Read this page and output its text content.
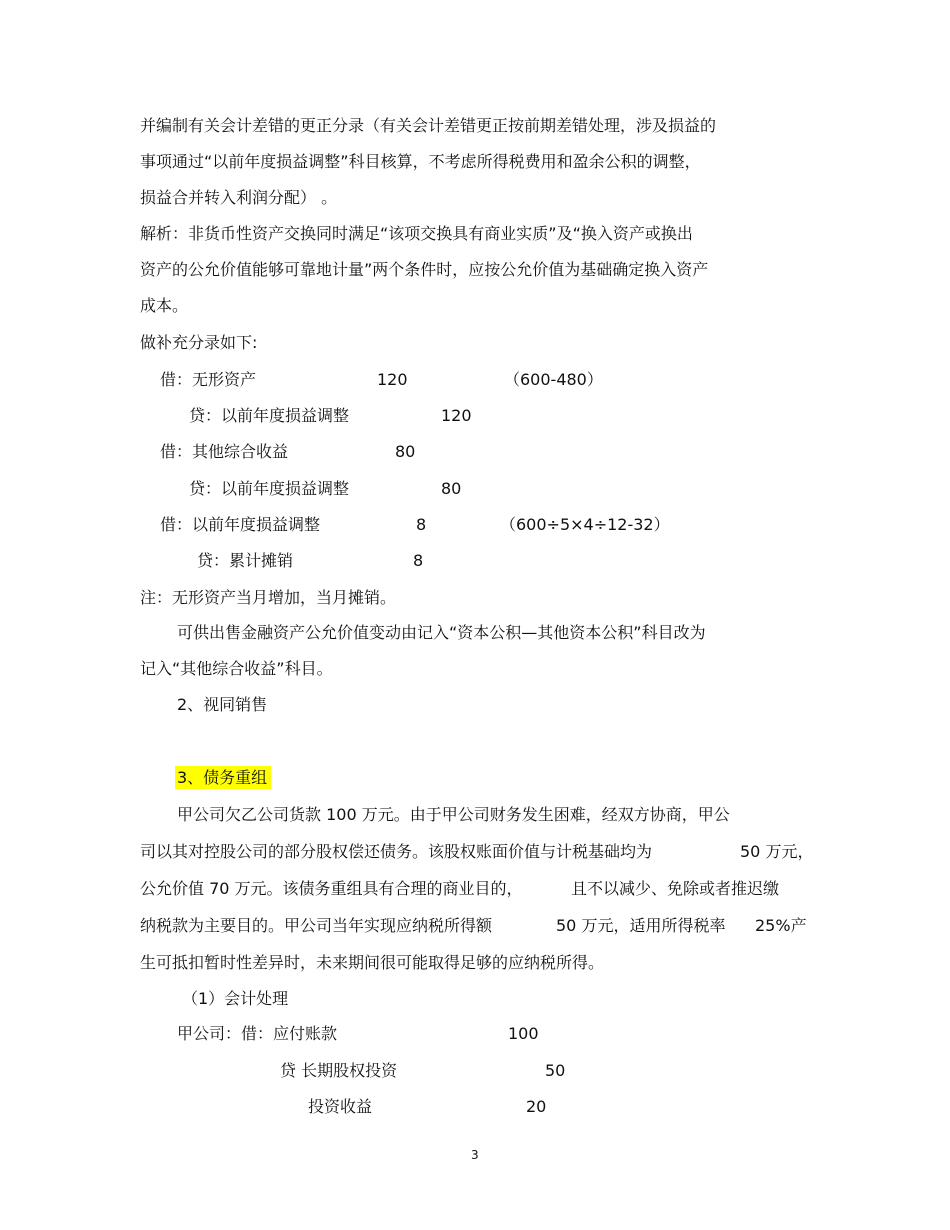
并编制有关会计差错的更正分录（有关会计差错更正按前期差错处理，涉及损益的
事项通过“以前年度损益调整”科目核算，不考虑所得税费用和盈余公积的调整，
损益合并转入利润分配） 。
解析：非货币性资产交换同时满足“该项交换具有商业实质”及“换入资产或换出
资产的公允价值能够可靠地计量”两个条件时，应按公允价值为基础确定换入资产
成本。
做补充分录如下:
借：无形资产	120	（600-480）
贷：以前年度损益调整	120
借：其他综合收益	80
贷：以前年度损益调整	80
借：以前年度损益调整	8	（600÷5×4÷12-32）
贷：累计摊销	8
注：无形资产当月增加，当月摊销。
可供出售金融资产公允价值变动由记入“资本公积—其他资本公积”科目改为
记入“其他综合收益”科目。
2、视同销售
3、债务重组
甲公司欠乙公司货款 100 万元。由于甲公司财务发生困难，经双方协商，甲公
司以其对控股公司的部分股权偿还债务。该股权账面价值与计税基础均为	50 万元，
公允价值 70 万元。该债务重组具有合理的商业目的，	且不以减少、免除或者推迟缴
纳税款为主要目的。甲公司当年实现应纳税所得额	50 万元，适用所得税率 25%产
生可抵扣暂时性差异时，未来期间很可能取得足够的应纳税所得。
（1）会计处理
甲公司：借：应付账款	100
贷 长期股权投资	50
投资收益	20
3
